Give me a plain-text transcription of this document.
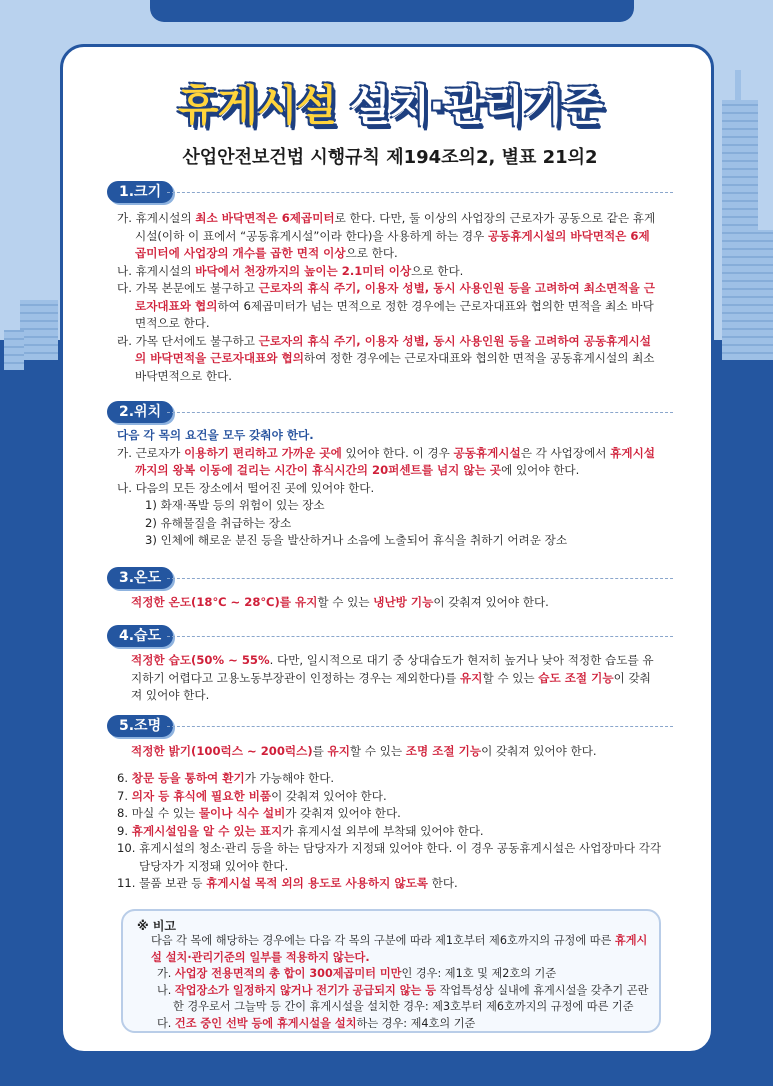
휴게시설 설치·관리기준
산업안전보건법 시행규칙 제194조의2, 별표 21의2
1.크기
가. 휴게시설의 최소 바닥면적은 6제곱미터로 한다. 다만, 둘 이상의 사업장의 근로자가 공동으로 같은 휴게시설(이하 이 표에서 “공동휴게시설”이라 한다)을 사용하게 하는 경우 공동휴게시설의 바닥면적은 6제곱미터에 사업장의 개수를 곱한 면적 이상으로 한다.
나. 휴게시설의 바닥에서 천장까지의 높이는 2.1미터 이상으로 한다.
다. 가목 본문에도 불구하고 근로자의 휴식 주기, 이용자 성별, 동시 사용인원 등을 고려하여 최소면적을 근로자대표와 협의하여 6제곱미터가 넘는 면적으로 정한 경우에는 근로자대표와 협의한 면적을 최소 바닥면적으로 한다.
라. 가목 단서에도 불구하고 근로자의 휴식 주기, 이용자 성별, 동시 사용인원 등을 고려하여 공동휴게시설의 바닥면적을 근로자대표와 협의하여 정한 경우에는 근로자대표와 협의한 면적을 공동휴게시설의 최소 바닥면적으로 한다.
2.위치
다음 각 목의 요건을 모두 갖춰야 한다.
가. 근로자가 이용하기 편리하고 가까운 곳에 있어야 한다. 이 경우 공동휴게시설은 각 사업장에서 휴게시설까지의 왕복 이동에 걸리는 시간이 휴식시간의 20퍼센트를 넘지 않는 곳에 있어야 한다.
나. 다음의 모든 장소에서 떨어진 곳에 있어야 한다.
1) 화재·폭발 등의 위험이 있는 장소
2) 유해물질을 취급하는 장소
3) 인체에 해로운 분진 등을 발산하거나 소음에 노출되어 휴식을 취하기 어려운 장소
3.온도
적정한 온도(18℃ ~ 28℃)를 유지할 수 있는 냉난방 기능이 갖춰져 있어야 한다.
4.습도
적정한 습도(50% ~ 55%. 다만, 일시적으로 대기 중 상대습도가 현저히 높거나 낮아 적정한 습도를 유지하기 어렵다고 고용노동부장관이 인정하는 경우는 제외한다)를 유지할 수 있는 습도 조절 기능이 갖춰져 있어야 한다.
5.조명
적정한 밝기(100럭스 ~ 200럭스)를 유지할 수 있는 조명 조절 기능이 갖춰져 있어야 한다.
6. 창문 등을 통하여 환기가 가능해야 한다.
7. 의자 등 휴식에 필요한 비품이 갖춰져 있어야 한다.
8. 마실 수 있는 물이나 식수 설비가 갖춰져 있어야 한다.
9. 휴게시설임을 알 수 있는 표지가 휴게시설 외부에 부착돼 있어야 한다.
10. 휴게시설의 청소·관리 등을 하는 담당자가 지정돼 있어야 한다. 이 경우 공동휴게시설은 사업장마다 각각 담당자가 지정돼 있어야 한다.
11. 물품 보관 등 휴게시설 목적 외의 용도로 사용하지 않도록 한다.
※ 비고
다음 각 목에 해당하는 경우에는 다음 각 목의 구분에 따라 제1호부터 제6호까지의 규정에 따른 휴게시설 설치·관리기준의 일부를 적용하지 않는다.
가. 사업장 전용면적의 총 합이 300제곱미터 미만인 경우: 제1호 및 제2호의 기준
나. 작업장소가 일정하지 않거나 전기가 공급되지 않는 등 작업특성상 실내에 휴게시설을 갖추기 곤란한 경우로서 그늘막 등 간이 휴게시설을 설치한 경우: 제3호부터 제6호까지의 규정에 따른 기준
다. 건조 중인 선박 등에 휴게시설을 설치하는 경우: 제4호의 기준
